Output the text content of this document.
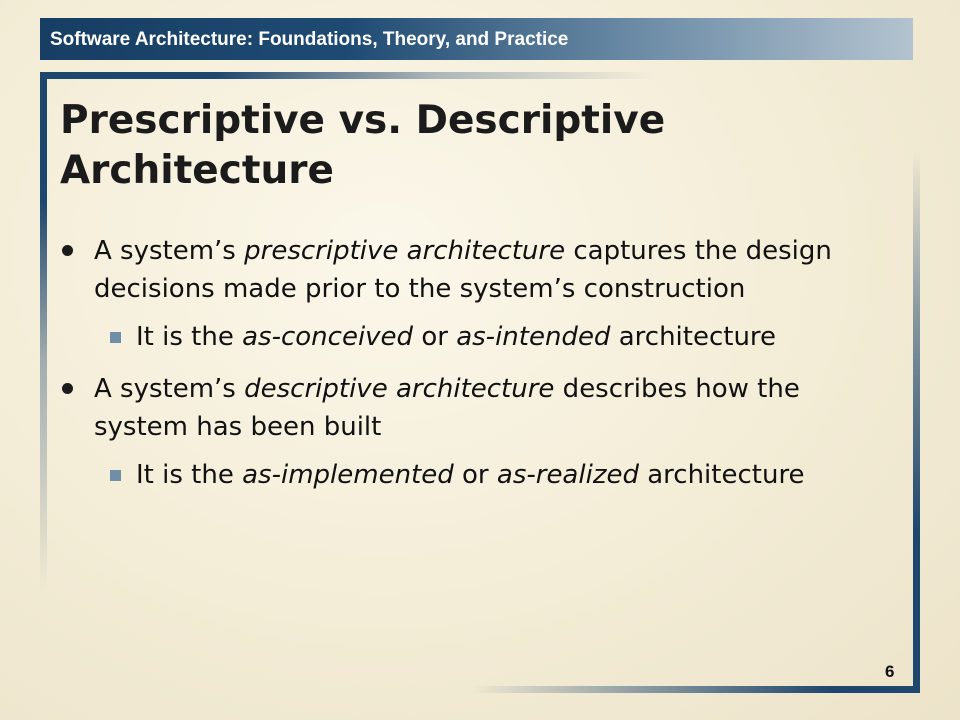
Software Architecture: Foundations, Theory, and Practice
Prescriptive vs. Descriptive
Architecture
A system’s prescriptive architecture captures the design decisions made prior to the system’s construction
It is the as-conceived or as-intended architecture
A system’s descriptive architecture describes how the system has been built
It is the as-implemented or as-realized architecture
6
